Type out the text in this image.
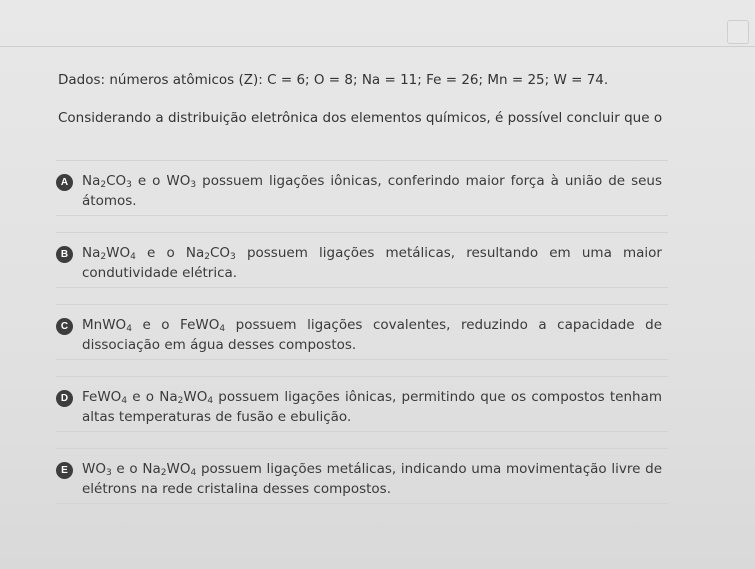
Dados: números atômicos (Z): C = 6; O = 8; Na = 11; Fe = 26; Mn = 25; W = 74.

Considerando a distribuição eletrônica dos elementos químicos, é possível concluir que o

A	$Na_2CO_3$ e o $WO_3$ possuem ligações iônicas, conferindo maior força à união de seus átomos.
B	$Na_2WO_4$ e o $Na_2CO_3$ possuem ligações metálicas, resultando em uma maior condutividade elétrica.
C	MnWO$_4$ e o FeWO$_4$ possuem ligações covalentes, reduzindo a capacidade de dissociação em água desses compostos.
D	FeWO$_4$ e o $Na_2WO_4$ possuem ligações iônicas, permitindo que os compostos tenham altas temperaturas de fusão e ebulição.
E	$WO_3$ e o $Na_2WO_4$ possuem ligações metálicas, indicando uma movimentação livre de elétrons na rede cristalina desses compostos.
